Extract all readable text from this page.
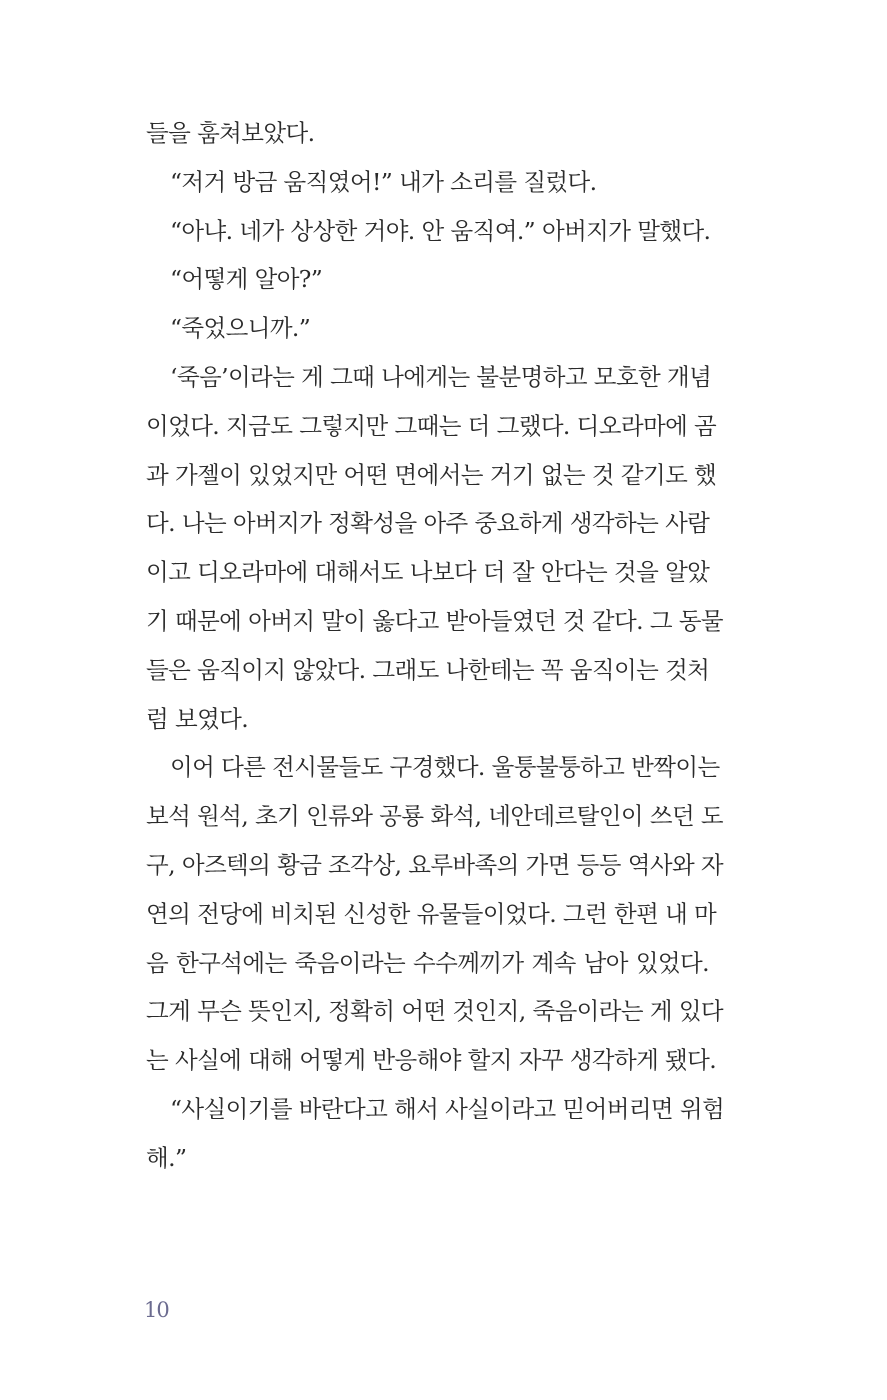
들을 훔쳐보았다.

“저거 방금 움직였어!” 내가 소리를 질렀다.

“아냐. 네가 상상한 거야. 안 움직여.” 아버지가 말했다.

“어떻게 알아?”

“죽었으니까.”

‘죽음’이라는 게 그때 나에게는 불분명하고 모호한 개념
이었다. 지금도 그렇지만 그때는 더 그랬다. 디오라마에 곰
과 가젤이 있었지만 어떤 면에서는 거기 없는 것 같기도 했
다. 나는 아버지가 정확성을 아주 중요하게 생각하는 사람
이고 디오라마에 대해서도 나보다 더 잘 안다는 것을 알았
기 때문에 아버지 말이 옳다고 받아들였던 것 같다. 그 동물
들은 움직이지 않았다. 그래도 나한테는 꼭 움직이는 것처
럼 보였다.

이어 다른 전시물들도 구경했다. 울퉁불퉁하고 반짝이는
보석 원석, 초기 인류와 공룡 화석, 네안데르탈인이 쓰던 도
구, 아즈텍의 황금 조각상, 요루바족의 가면 등등 역사와 자
연의 전당에 비치된 신성한 유물들이었다. 그런 한편 내 마
음 한구석에는 죽음이라는 수수께끼가 계속 남아 있었다.
그게 무슨 뜻인지, 정확히 어떤 것인지, 죽음이라는 게 있다
는 사실에 대해 어떻게 반응해야 할지 자꾸 생각하게 됐다.

“사실이기를 바란다고 해서 사실이라고 믿어버리면 위험
해.”

10
